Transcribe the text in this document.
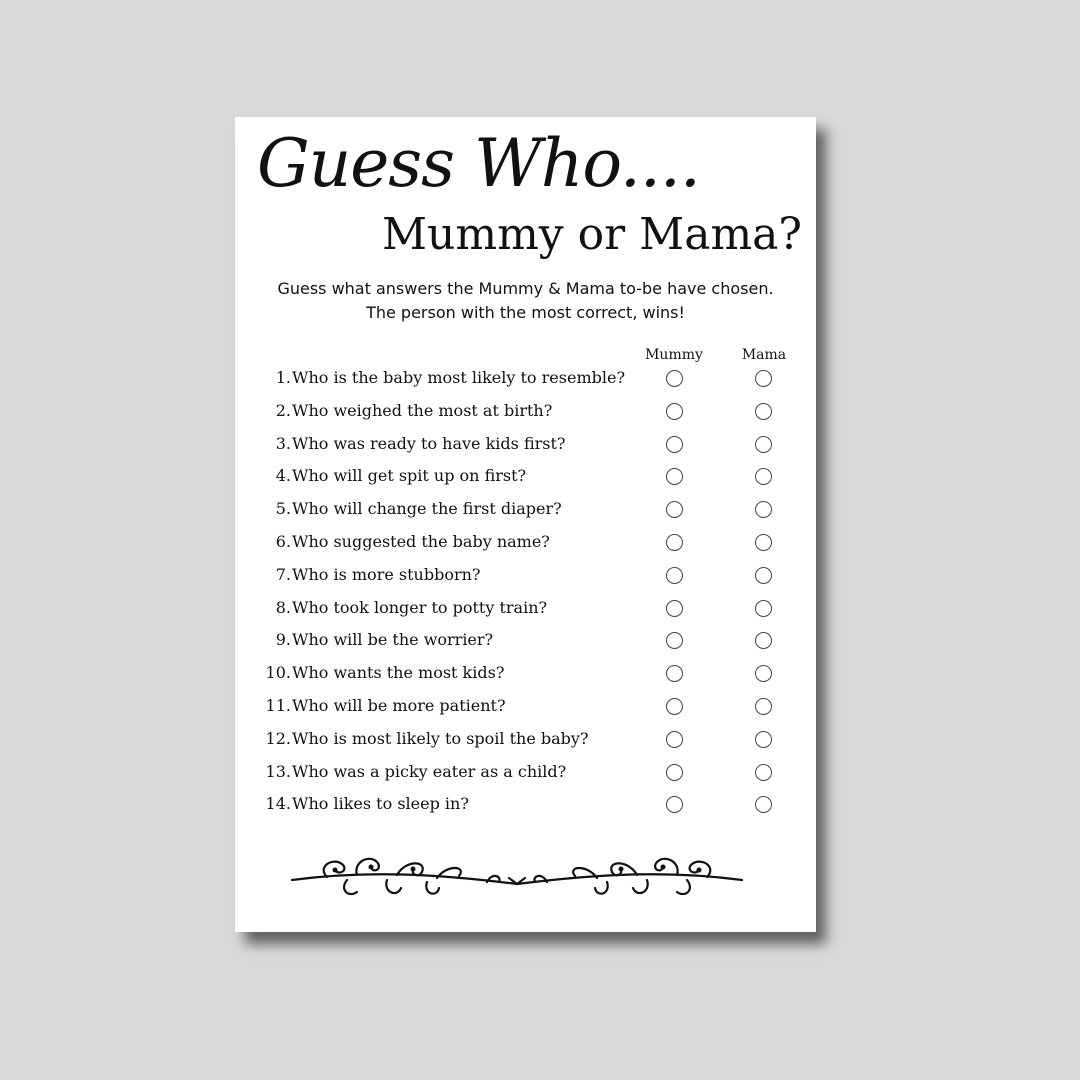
Guess Who....
Mummy or Mama?
Guess what answers the Mummy & Mama to-be have chosen.
The person with the most correct, wins!
Mummy	Mama
1. Who is the baby most likely to resemble?
2. Who weighed the most at birth?
3. Who was ready to have kids first?
4. Who will get spit up on first?
5. Who will change the first diaper?
6. Who suggested the baby name?
7. Who is more stubborn?
8. Who took longer to potty train?
9. Who will be the worrier?
10. Who wants the most kids?
11. Who will be more patient?
12. Who is most likely to spoil the baby?
13. Who was a picky eater as a child?
14. Who likes to sleep in?
